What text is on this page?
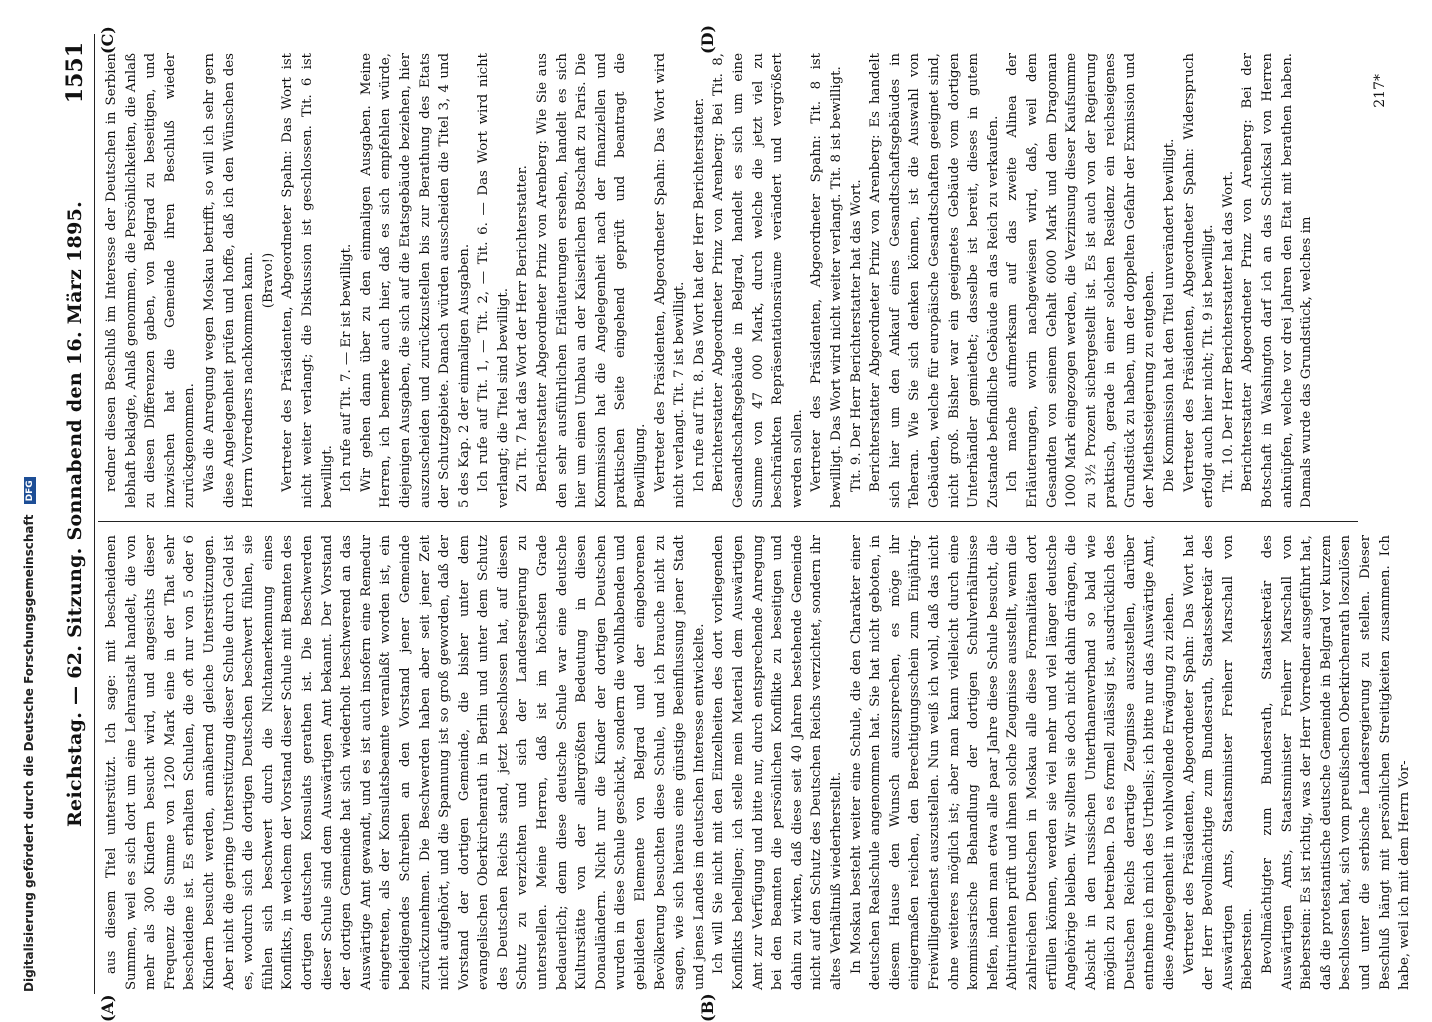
Digitalisierung gefördert durch die Deutsche Forschungsgemeinschaft DFG Reichstag. — 62. Sitzung. Sonnabend den 16. März 1895.
1551

aus diesem Titel unterstützt. Ich sage: mit bescheidenen Summen, weil es sich dort um eine Lehranstalt handelt, die von mehr als 300 Kindern besucht wird, und angesichts dieser Frequenz die Summe von 1200 Mark eine in der That sehr bescheidene ist. Es erhalten Schulen, die oft nur von 5 oder 6 Kindern besucht werden, annähernd gleiche Unterstützungen. Aber nicht die geringe Unterstützung dieser Schule durch Geld ist es, wodurch sich die dortigen Deutschen beschwert fühlen, sie fühlen sich beschwert durch die Nichtanerkennung eines Konflikts, in welchem der Vorstand dieser Schule mit Beamten des dortigen deutschen Konsulats gerathen ist. Die Beschwerden dieser Schule sind dem Auswärtigen Amt bekannt. Der Vorstand der dortigen Gemeinde hat sich wiederholt beschwerend an das Auswärtige Amt gewandt, und es ist auch insofern eine Remedur eingetreten, als der Konsulatsbeamte veranlaßt worden ist, ein beleidigendes Schreiben an den Vorstand jener Gemeinde zurückzunehmen. Die Beschwerden haben aber seit jener Zeit nicht aufgehört, und die Spannung ist so groß geworden, daß der Vorstand der dortigen Gemeinde, die bisher unter dem evangelischen Oberkirchenrath in Berlin und unter dem Schutz des Deutschen Reichs stand, jetzt beschlossen hat, auf diesen Schutz zu verzichten und sich der Landesregierung zu unterstellen. Meine Herren, daß ist im höchsten Grade bedauerlich; denn diese deutsche Schule war eine deutsche Kulturstätte von der allergrößten Bedeutung in diesen Donauländern. Nicht nur die Kinder der dortigen Deutschen wurden in diese Schule geschickt, sondern die wohlhabenden und gebildeten Elemente von Belgrad und der eingeborenen Bevölkerung besuchten diese Schule, und ich brauche nicht zu sagen, wie sich hieraus eine günstige Beeinflussung jener Stadt und jenes Landes im deutschen Interesse entwickelte. Ich will Sie nicht mit den Einzelheiten des dort vorliegenden Konflikts behelligen; ich stelle mein Material dem Auswärtigen Amt zur Verfügung und bitte nur, durch entsprechende Anregung bei den Beamten die persönlichen Konflikte zu beseitigen und dahin zu wirken, daß diese seit 40 Jahren bestehende Gemeinde nicht auf den Schutz des Deutschen Reichs verzichtet, sondern ihr altes Verhältniß wiederherstellt. In Moskau besteht weiter eine Schule, die den Charakter einer deutschen Realschule angenommen hat. Sie hat nicht geboten, in diesem Hause den Wunsch auszusprechen, es möge ihr einigermaßen reichen, den Berechtigungsschein zum Einjährig-Freiwilligendienst auszustellen. Nun weiß ich wohl, daß das nicht ohne weiteres möglich ist; aber man kann vielleicht durch eine kommissarische Behandlung der dortigen Schulverhältnisse helfen, indem man etwa alle paar Jahre diese Schule besucht, die Abiturienten prüft und ihnen solche Zeugnisse ausstellt, wenn die zahlreichen Deutschen in Moskau alle diese Formalitäten dort erfüllen können, werden sie viel mehr und viel länger deutsche Angehörige bleiben. Wir sollten sie doch nicht dahin drängen, die Absicht in den russischen Unterthanenverband so bald wie möglich zu betreiben. Da es formell zulässig ist, ausdrücklich des Deutschen Reichs derartige Zeugnisse auszustellen, darüber entnehme ich mich des Urtheils; ich bitte nur das Auswärtige Amt, diese Angelegenheit in wohlwollende Erwägung zu ziehen. Vertreter des Präsidenten, Abgeordneter Spahn: Das Wort hat der Herr Bevollmächtigte zum Bundesrath, Staatssekretär des Auswärtigen Amts, Staatsminister Freiherr Marschall von Bieberstein. Bevollmächtigter zum Bundesrath, Staatssekretär des Auswärtigen Amts, Staatsminister Freiherr Marschall von Bieberstein: Es ist richtig, was der Herr Vorredner ausgeführt hat, daß die protestantische deutsche Gemeinde in Belgrad vor kurzem beschlossen hat, sich vom preußischen Oberkirchenrath loszulösen und unter die serbische Landesregierung zu stellen. Dieser Beschluß hängt mit persönlichen Streitigkeiten zusammen. Ich habe, weil ich mit dem Herrn Vor-

redner diesen Beschluß im Interesse der Deutschen in Serbien lebhaft beklagte, Anlaß genommen, die Persönlichkeiten, die Anlaß zu diesen Differenzen gaben, von Belgrad zu beseitigen, und inzwischen hat die Gemeinde ihren Beschluß wieder zurückgenommen. Was die Anregung wegen Moskau betrifft, so will ich sehr gern diese Angelegenheit prüfen und hoffe, daß ich den Wünschen des Herrn Vorredners nachkommen kann. (Bravo!) Vertreter des Präsidenten, Abgeordneter Spahn: Das Wort ist nicht weiter verlangt; die Diskussion ist geschlossen. Tit. 6 ist bewilligt. Ich rufe auf Tit. 7. — Er ist bewilligt. Wir gehen dann über zu den einmaligen Ausgaben. Meine Herren, ich bemerke auch hier, daß es sich empfehlen würde, diejenigen Ausgaben, die sich auf die Etatsgebäude beziehen, hier auszuscheiden und zurückzustellen bis zur Berathung des Etats der Schutzgebiete. Danach würden ausscheiden die Titel 3, 4 und 5 des Kap. 2 der einmaligen Ausgaben. Ich rufe auf Tit. 1, — Tit. 2, — Tit. 6. — Das Wort wird nicht verlangt; die Titel sind bewilligt. Zu Tit. 7 hat das Wort der Herr Berichterstatter. Berichterstatter Abgeordneter Prinz von Arenberg: Wie Sie aus den sehr ausführlichen Erläuterungen ersehen, handelt es sich hier um einen Umbau an der Kaiserlichen Botschaft zu Paris. Die Kommission hat die Angelegenheit nach der finanziellen und praktischen Seite eingehend geprüft und beantragt die Bewilligung. Vertreter des Präsidenten, Abgeordneter Spahn: Das Wort wird nicht verlangt. Tit. 7 ist bewilligt. Ich rufe auf Tit. 8. Das Wort hat der Herr Berichterstatter. Berichterstatter Abgeordneter Prinz von Arenberg: Bei Tit. 8, Gesandtschaftsgebäude in Belgrad, handelt es sich um eine Summe von 47 000 Mark, durch welche die jetzt viel zu beschränkten Repräsentationsräume verändert und vergrößert werden sollen. Vertreter des Präsidenten, Abgeordneter Spahn: Tit. 8 ist bewilligt. Das Wort wird nicht weiter verlangt. Tit. 8 ist bewilligt. Tit. 9. Der Herr Berichterstatter hat das Wort. Berichterstatter Abgeordneter Prinz von Arenberg: Es handelt sich hier um den Ankauf eines Gesandtschaftsgebäudes in Teheran. Wie Sie sich denken können, ist die Auswahl von Gebäuden, welche für europäische Gesandtschaften geeignet sind, nicht groß. Bisher war ein geeignetes Gebäude vom dortigen Unterhändler gemiethet; dasselbe ist bereit, dieses in gutem Zustande befindliche Gebäude an das Reich zu verkaufen. Ich mache aufmerksam auf das zweite Alinea der Erläuterungen, worin nachgewiesen wird, daß, weil dem Gesandten von seinem Gehalt 6000 Mark und dem Dragoman 1000 Mark eingezogen werden, die Verzinsung dieser Kaufsumme zu 3½ Prozent sichergestellt ist. Es ist auch von der Regierung praktisch, gerade in einer solchen Residenz ein reichseigenes Grundstück zu haben, um der doppelten Gefahr der Exmission und der Miethssteigerung zu entgehen. Die Kommission hat den Titel unverändert bewilligt. Vertreter des Präsidenten, Abgeordneter Spahn: Widerspruch erfolgt auch hier nicht; Tit. 9 ist bewilligt. Tit. 10. Der Herr Berichterstatter hat das Wort. Berichterstatter Abgeordneter Prinz von Arenberg: Bei der Botschaft in Washington darf ich an das Schicksal von Herren anknüpfen, welche vor drei Jahren den Etat mit berathen haben. Damals wurde das Grundstück, welches im

(A)	(B)
(C)	(D)
217*
